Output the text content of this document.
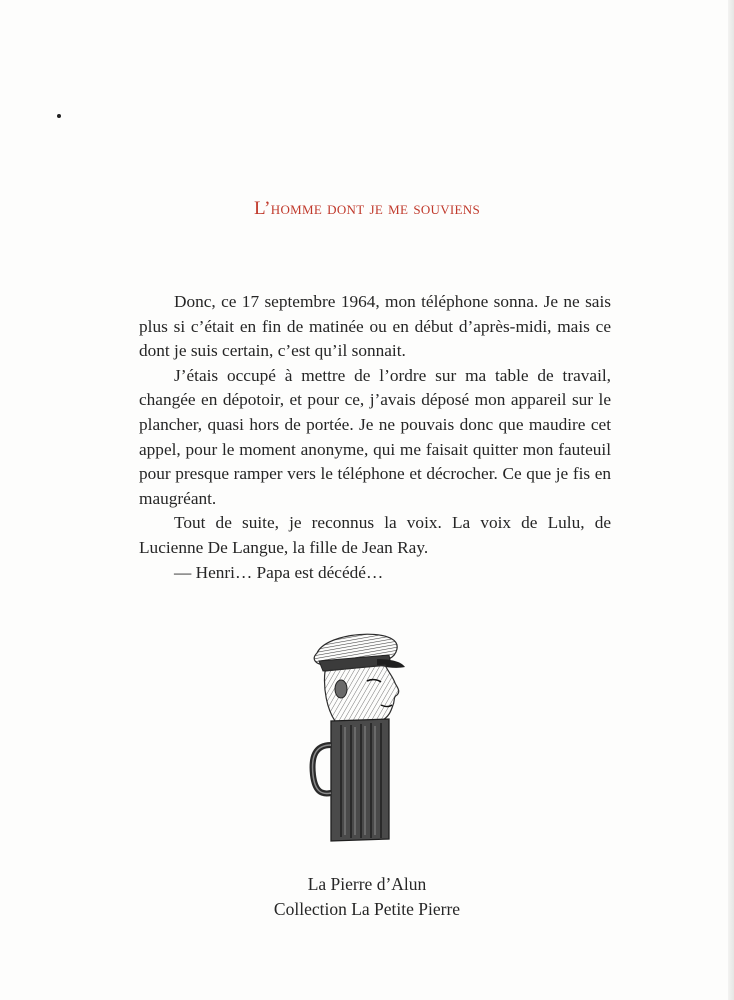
L’homme dont je me souviens

Donc, ce 17 septembre 1964, mon téléphone sonna. Je ne sais plus si c’était en fin de matinée ou en début d’après-midi, mais ce dont je suis certain, c’est qu’il sonnait.

J’étais occupé à mettre de l’ordre sur ma table de travail, changée en dépotoir, et pour ce, j’avais déposé mon appareil sur le plancher, quasi hors de portée. Je ne pouvais donc que maudire cet appel, pour le moment anonyme, qui me faisait quitter mon fauteuil pour presque ramper vers le téléphone et décrocher. Ce que je fis en maugréant.

Tout de suite, je reconnus la voix. La voix de Lulu, de Lucienne De Langue, la fille de Jean Ray.

— Henri… Papa est décédé…

La Pierre d’Alun
Collection La Petite Pierre
